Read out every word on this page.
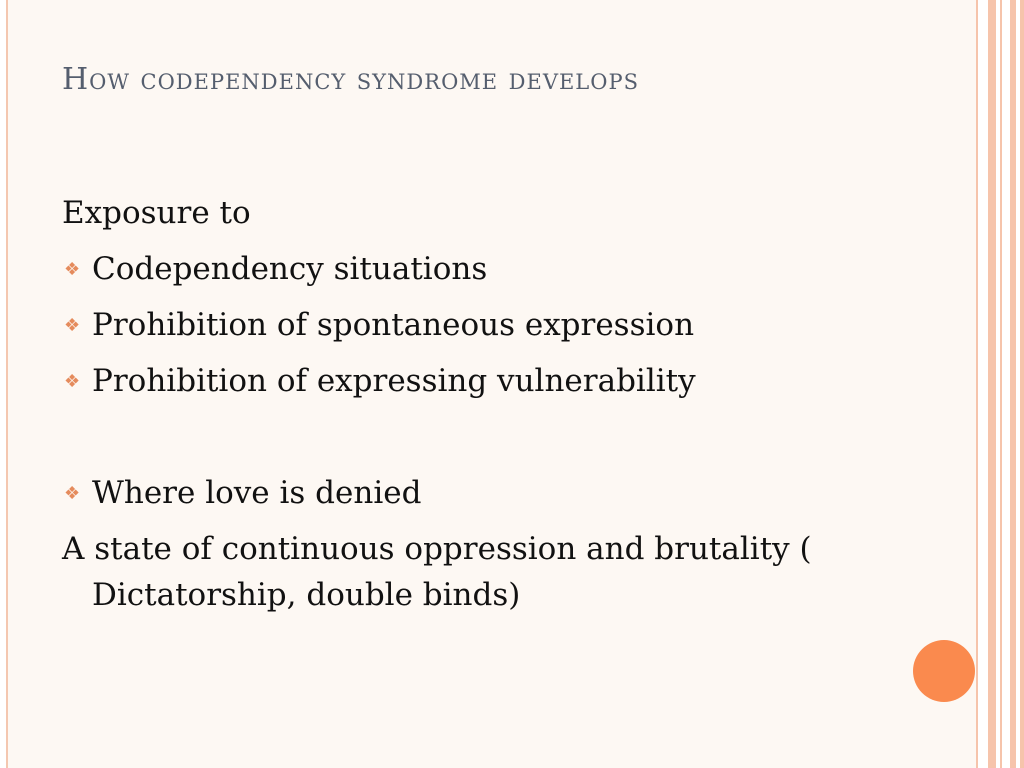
How codependency syndrome develops
Exposure to
❖ Codependency situations
❖ Prohibition of spontaneous expression
❖ Prohibition of expressing vulnerability
❖ Where love is denied
A state of continuous oppression and brutality ( Dictatorship, double binds)
